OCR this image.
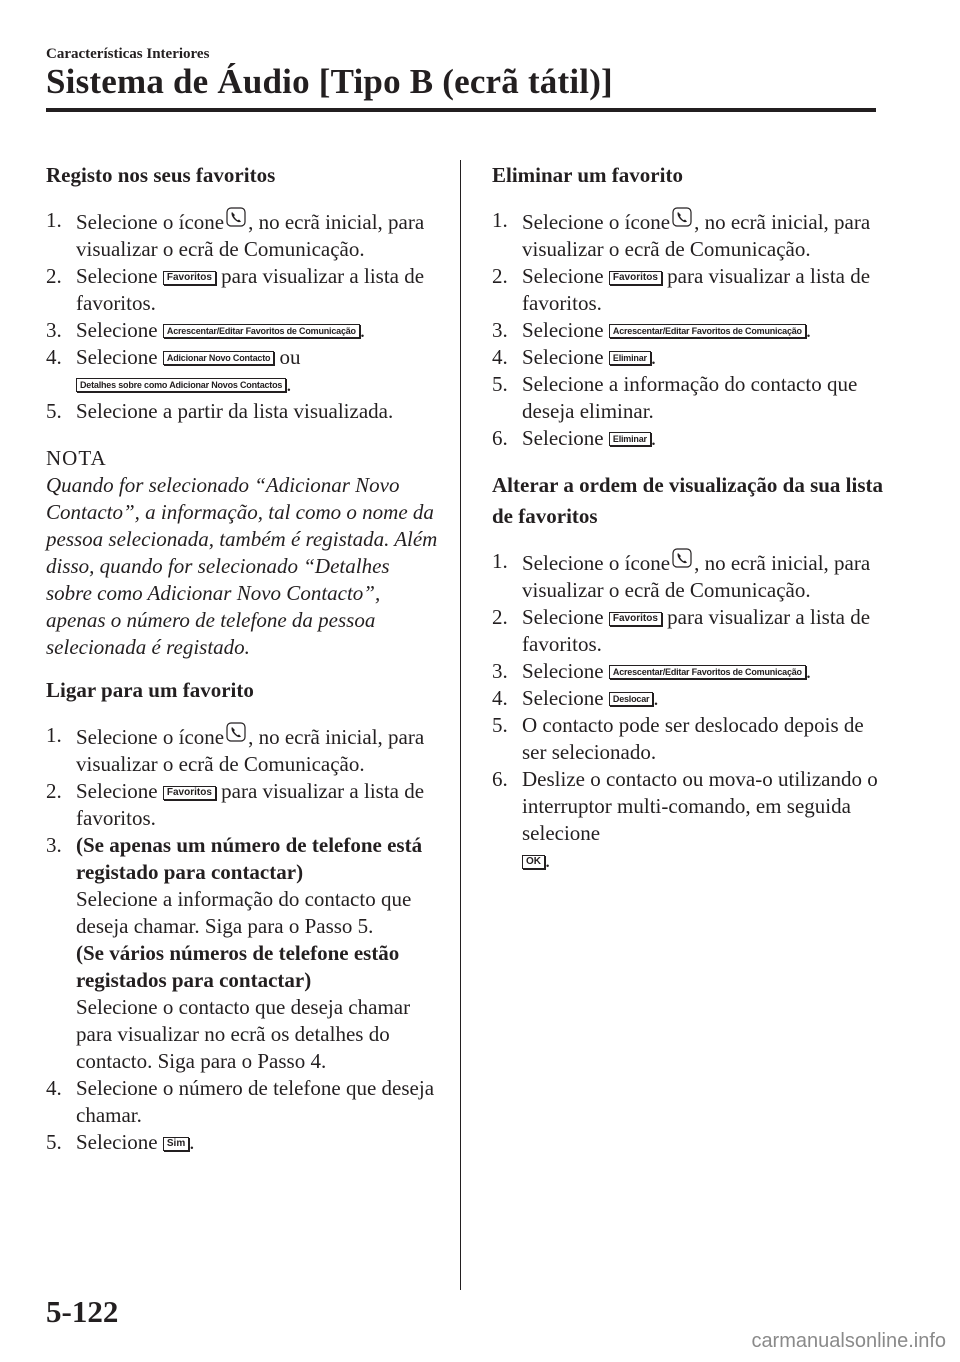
Características Interiores
Sistema de Áudio [Tipo B (ecrã tátil)]
Registo nos seus favoritos

1. Selecione o ícone , no ecrã inicial, para visualizar o ecrã de Comunicação.

2. Selecione Favoritos para visualizar a lista de favoritos.

3. Selecione Acrescentar/Editar Favoritos de Comunicação .

4. Selecione Adicionar Novo Contacto ou
Detalhes sobre como Adicionar Novos Contactos .

5. Selecione a partir da lista visualizada.

NOTA
Quando for selecionado “Adicionar Novo Contacto”, a informação, tal como o nome da pessoa selecionada, também é registada. Além disso, quando for selecionado “Detalhes sobre como Adicionar Novo Contacto”, apenas o número de telefone da pessoa selecionada é registado.
Ligar para um favorito

1. Selecione o ícone , no ecrã inicial, para visualizar o ecrã de Comunicação.

2. Selecione Favoritos para visualizar a lista de favoritos.

3. (Se apenas um número de telefone está registado para contactar)
Selecione a informação do contacto que deseja chamar. Siga para o Passo 5.
(Se vários números de telefone estão registados para contactar)
Selecione o contacto que deseja chamar para visualizar no ecrã os detalhes do contacto. Siga para o Passo 4.

4. Selecione o número de telefone que deseja chamar.

5. Selecione Sim .

Eliminar um favorito

1. Selecione o ícone , no ecrã inicial, para visualizar o ecrã de Comunicação.

2. Selecione Favoritos para visualizar a lista de favoritos.

3. Selecione Acrescentar/Editar Favoritos de Comunicação .

4. Selecione Eliminar .

5. Selecione a informação do contacto que deseja eliminar.

6. Selecione Eliminar .

Alterar a ordem de visualização da sua lista de favoritos

1. Selecione o ícone , no ecrã inicial, para visualizar o ecrã de Comunicação.

2. Selecione Favoritos para visualizar a lista de favoritos.

3. Selecione Acrescentar/Editar Favoritos de Comunicação .

4. Selecione Deslocar .

5. O contacto pode ser deslocado depois de ser selecionado.

6. Deslize o contacto ou mova-o utilizando o interruptor multi-comando, em seguida selecione
OK .

5-122
carmanualsonline.info
